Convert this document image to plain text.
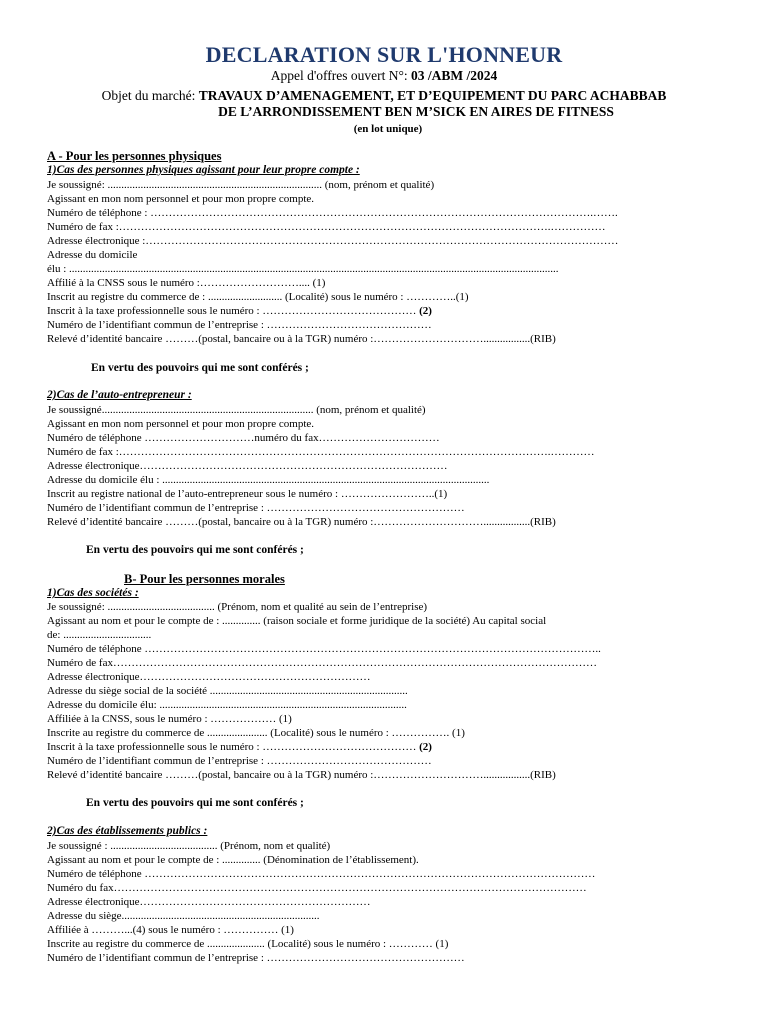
DECLARATION SUR L'HONNEUR
Appel d'offres ouvert N°: 03 /ABM /2024
Objet du marché: TRAVAUX D’AMENAGEMENT, ET D’EQUIPEMENT DU PARC ACHABBAB
DE L’ARRONDISSEMENT BEN M’SICK EN AIRES DE FITNESS
(en lot unique)
A - Pour les personnes physiques
1)Cas des personnes physiques agissant pour leur propre compte :
Je soussigné: .............................................................................. (nom, prénom et qualité)
Agissant en mon nom personnel et pour mon propre compte.
Numéro de téléphone : ………………………………………………………………………………………………………….…….
Numéro de fax :……………………………………………………………………………………………………….……………
Adresse électronique :…………………………………………………………………………………………………………………
Adresse du domicile
élu : ..................................................................................................................................................................................
Affilié à la CNSS sous le numéro :……………………….... (1)
Inscrit au registre du commerce de : ........................... (Localité) sous le numéro : …………..(1)
Inscrit à la taxe professionnelle sous le numéro : …………………………………… (2)
Numéro de l’identifiant commun de l’entreprise : ………………………………………
Relevé d’identité bancaire ………(postal, bancaire ou à la TGR) numéro :………………………….................(RIB)
En vertu des pouvoirs qui me sont conférés ;
2)Cas de l’auto-entrepreneur :
Je soussigné............................................................................. (nom, prénom et qualité)
Agissant en mon nom personnel et pour mon propre compte.
Numéro de téléphone …………………………numéro du fax……………………………
Numéro de fax :……………………………………………………………………………………………………….…………
Adresse électronique…………………………………………………………………………
Adresse du domicile élu : .......................................................................................................................
Inscrit au registre national de l’auto-entrepreneur sous le numéro : ……………………..(1)
Numéro de l’identifiant commun de l’entreprise : ………………………………………………
Relevé d’identité bancaire ………(postal, bancaire ou à la TGR) numéro :………………………….................(RIB)
En vertu des pouvoirs qui me sont conférés ;
B- Pour les personnes morales
1)Cas des sociétés :
Je soussigné: ....................................... (Prénom, nom et qualité au sein de l’entreprise)
Agissant au nom et pour le compte de : .............. (raison sociale et forme juridique de la société) Au capital social
de: ................................
Numéro de téléphone ……………………………………………………………………………………………………………..
Numéro de fax……………………………………………………………………………………………………………………
Adresse électronique………………………………………………………
Adresse du siège social de la société ........................................................................
Adresse du domicile élu: ..........................................................................................
Affiliée à la CNSS, sous le numéro : ……………… (1)
Inscrite au registre du commerce de ...................... (Localité) sous le numéro : ……………. (1)
Inscrit à la taxe professionnelle sous le numéro : …………………………………… (2)
Numéro de l’identifiant commun de l’entreprise : ………………………………………
Relevé d’identité bancaire ………(postal, bancaire ou à la TGR) numéro :………………………….................(RIB)
En vertu des pouvoirs qui me sont conférés ;
2)Cas des établissements publics :
Je soussigné : ....................................... (Prénom, nom et qualité)
Agissant au nom et pour le compte de : .............. (Dénomination de l’établissement).
Numéro de téléphone ……………………………………………………………………………………………………………
Numéro du fax…………………………………………………………………………………………………………………
Adresse électronique………………………………………………………
Adresse du siège........................................................................
Affiliée à ………...(4) sous le numéro : …………… (1)
Inscrite au registre du commerce de ..................... (Localité) sous le numéro : ………… (1)
Numéro de l’identifiant commun de l’entreprise : ………………………………………………
